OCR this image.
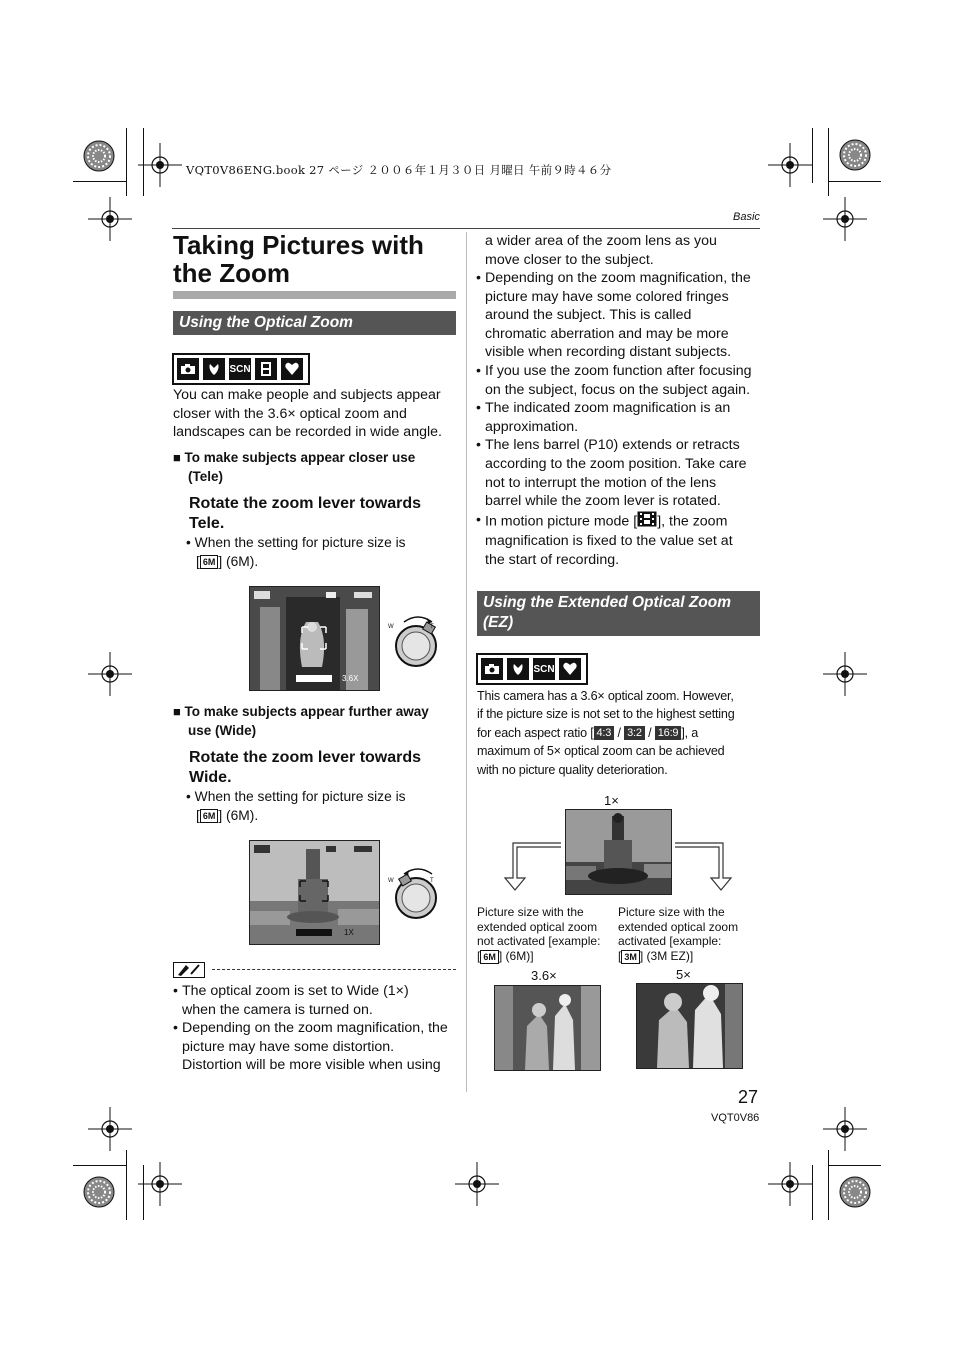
VQT0V86ENG.book 27 ページ ２００６年１月３０日 月曜日 午前９時４６分
Basic
Taking Pictures with
the Zoom
Using the Optical Zoom
SCN
You can make people and subjects appear
closer with the 3.6× optical zoom and
landscapes can be recorded in wide angle.
■ To make subjects appear closer use
(Tele)
Rotate the zoom lever towards
Tele.
• When the setting for picture size is
[ 6M ] (6M).
3.6X
W	T
■ To make subjects appear further away
use (Wide)
Rotate the zoom lever towards
Wide.
• When the setting for picture size is
[ 6M ] (6M).
1X
W	T
• The optical zoom is set to Wide (1×)
when the camera is turned on.
• Depending on the zoom magnification, the
picture may have some distortion.
Distortion will be more visible when using
a wider area of the zoom lens as you
move closer to the subject.
• Depending on the zoom magnification, the
picture may have some colored fringes
around the subject. This is called
chromatic aberration and may be more
visible when recording distant subjects.
• If you use the zoom function after focusing
on the subject, focus on the subject again.
• The indicated zoom magnification is an
approximation.
• The lens barrel (P10) extends or retracts
according to the zoom position. Take care
not to interrupt the motion of the lens
barrel while the zoom lever is rotated.
• In motion picture mode [ ], the zoom
magnification is fixed to the value set at
the start of recording.
Using the Extended Optical Zoom
(EZ)
SCN
This camera has a 3.6× optical zoom. However,
if the picture size is not set to the highest setting
for each aspect ratio [ 4:3 / 3:2 / 16:9 ], a
maximum of 5× optical zoom can be achieved
with no picture quality deterioration.
1×
Picture size with the
extended optical zoom
not activated [example:
[ 6M ] (6M)]
Picture size with the
extended optical zoom
activated [example:
[ 3M ] (3M EZ)]
3.6×	5×
27
VQT0V86
